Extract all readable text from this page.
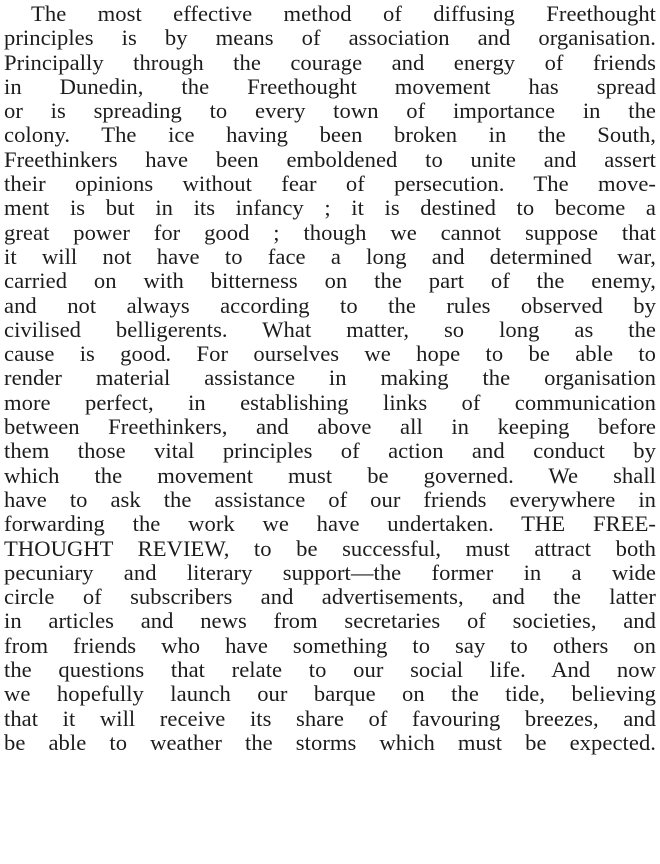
The most effective method of diffusing Freethought
principles is by means of association and organisation.
Principally through the courage and energy of friends
in Dunedin, the Freethought movement has spread
or is spreading to every town of importance in the
colony. The ice having been broken in the South,
Freethinkers have been emboldened to unite and assert
their opinions without fear of persecution. The move-
ment is but in its infancy ; it is destined to become a
great power for good ; though we cannot suppose that
it will not have to face a long and determined war,
carried on with bitterness on the part of the enemy,
and not always according to the rules observed by
civilised belligerents. What matter, so long as the
cause is good. For ourselves we hope to be able to
render material assistance in making the organisation
more perfect, in establishing links of communication
between Freethinkers, and above all in keeping before
them those vital principles of action and conduct by
which the movement must be governed. We shall
have to ask the assistance of our friends everywhere in
forwarding the work we have undertaken. THE FREE-
THOUGHT REVIEW, to be successful, must attract both
pecuniary and literary support—the former in a wide
circle of subscribers and advertisements, and the latter
in articles and news from secretaries of societies, and
from friends who have something to say to others on
the questions that relate to our social life. And now
we hopefully launch our barque on the tide, believing
that it will receive its share of favouring breezes, and
be able to weather the storms which must be expected.
